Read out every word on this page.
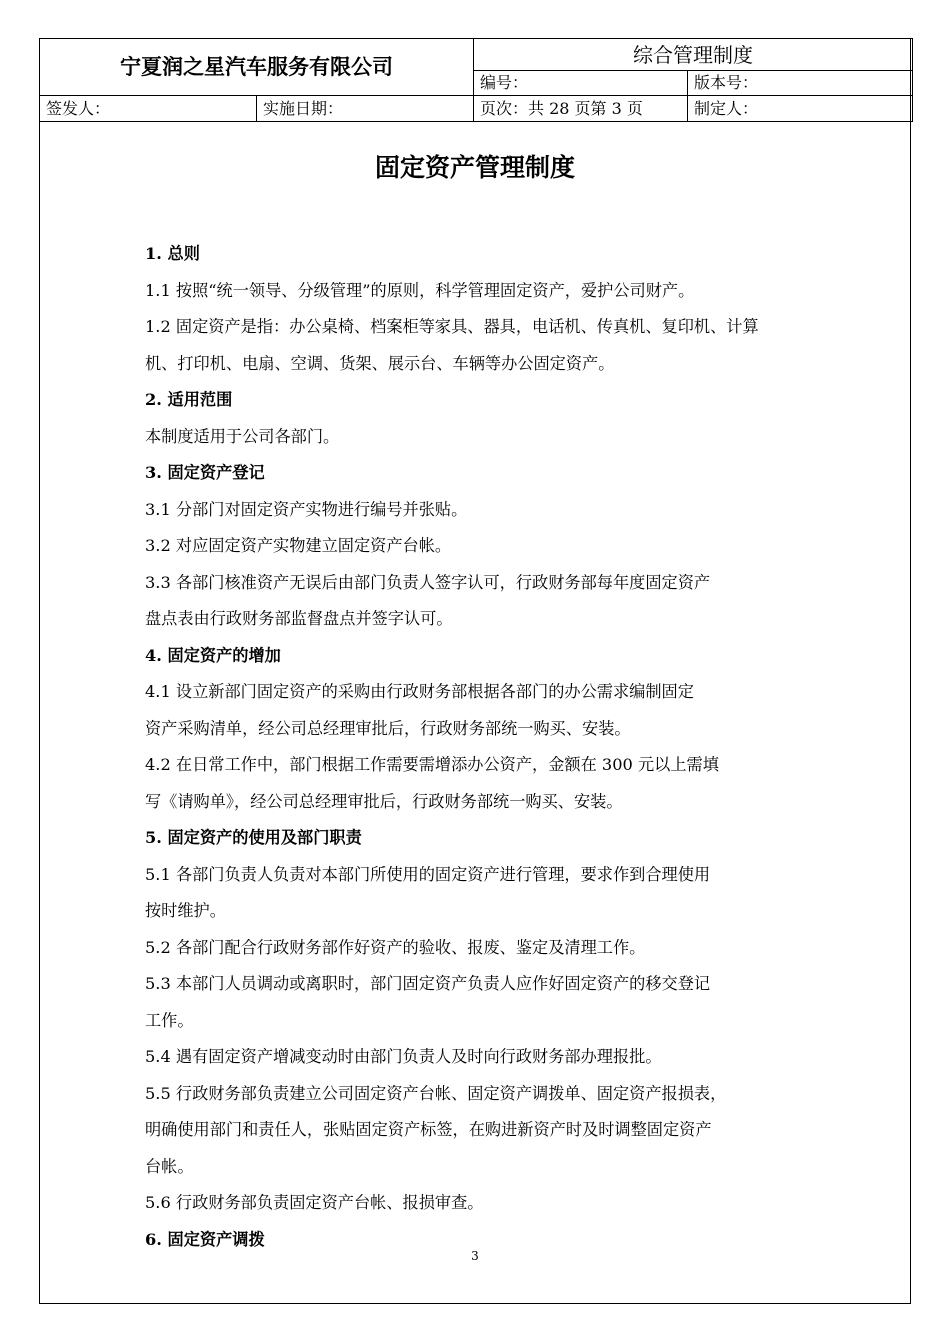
宁夏润之星汽车服务有限公司		综合管理制度	
		编号：	版本号：
签发人：	实施日期：	页次：共 28 页第 3 页	制定人：
固定资产管理制度
1. 总则
1.1 按照“统一领导、分级管理”的原则，科学管理固定资产，爱护公司财产。
1.2 固定资产是指：办公桌椅、档案柜等家具、器具，电话机、传真机、复印机、计算
机、打印机、电扇、空调、货架、展示台、车辆等办公固定资产。
2. 适用范围
本制度适用于公司各部门。
3. 固定资产登记
3.1 分部门对固定资产实物进行编号并张贴。
3.2 对应固定资产实物建立固定资产台帐。
3.3 各部门核准资产无误后由部门负责人签字认可，行政财务部每年度固定资产
盘点表由行政财务部监督盘点并签字认可。
4. 固定资产的增加
4.1 设立新部门固定资产的采购由行政财务部根据各部门的办公需求编制固定
资产采购清单，经公司总经理审批后，行政财务部统一购买、安装。
4.2 在日常工作中，部门根据工作需要需增添办公资产，金额在 300 元以上需填
写《请购单》，经公司总经理审批后，行政财务部统一购买、安装。
5. 固定资产的使用及部门职责
5.1 各部门负责人负责对本部门所使用的固定资产进行管理，要求作到合理使用
按时维护。
5.2 各部门配合行政财务部作好资产的验收、报废、鉴定及清理工作。
5.3 本部门人员调动或离职时，部门固定资产负责人应作好固定资产的移交登记
工作。
5.4 遇有固定资产增减变动时由部门负责人及时向行政财务部办理报批。
5.5 行政财务部负责建立公司固定资产台帐、固定资产调拨单、固定资产报损表，
明确使用部门和责任人，张贴固定资产标签，在购进新资产时及时调整固定资产
台帐。
5.6 行政财务部负责固定资产台帐、报损审查。
6. 固定资产调拨
3
